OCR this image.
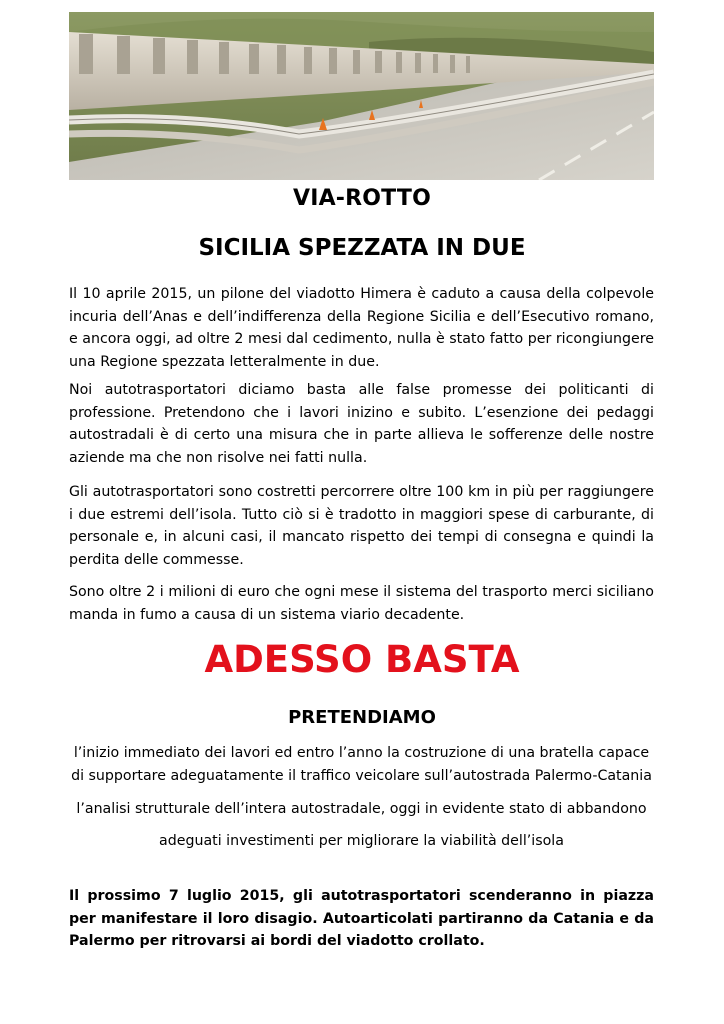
VIA-ROTTO
SICILIA SPEZZATA IN DUE

Il 10 aprile 2015, un pilone del viadotto Himera è caduto a causa della colpevole incuria dell’Anas e dell’indifferenza della Regione Sicilia e dell’Esecutivo romano, e ancora oggi, ad oltre 2 mesi dal cedimento, nulla è stato fatto per ricongiungere una Regione spezzata letteralmente in due.

Noi autotrasportatori diciamo basta alle false promesse dei politicanti di professione. Pretendono che i lavori inizino e subito. L’esenzione dei pedaggi autostradali è di certo una misura che in parte allieva le sofferenze delle nostre aziende ma che non risolve nei fatti nulla.

Gli autotrasportatori sono costretti percorrere oltre 100 km in più per raggiungere i due estremi dell’isola. Tutto ciò si è tradotto in maggiori spese di carburante, di personale e, in alcuni casi, il mancato rispetto dei tempi di consegna e quindi la perdita delle commesse.

Sono oltre 2 i milioni di euro che ogni mese il sistema del trasporto merci siciliano manda in fumo a causa di un sistema viario decadente.

ADESSO BASTA
PRETENDIAMO

l’inizio immediato dei lavori ed entro l’anno la costruzione di una bratella capace di supportare adeguatamente il traffico veicolare sull’autostrada Palermo-Catania

l’analisi strutturale dell’intera autostradale, oggi in evidente stato di abbandono

adeguati investimenti per migliorare la viabilità dell’isola

Il prossimo 7 luglio 2015, gli autotrasportatori scenderanno in piazza per manifestare il loro disagio. Autoarticolati partiranno da Catania e da Palermo per ritrovarsi ai bordi del viadotto crollato.
